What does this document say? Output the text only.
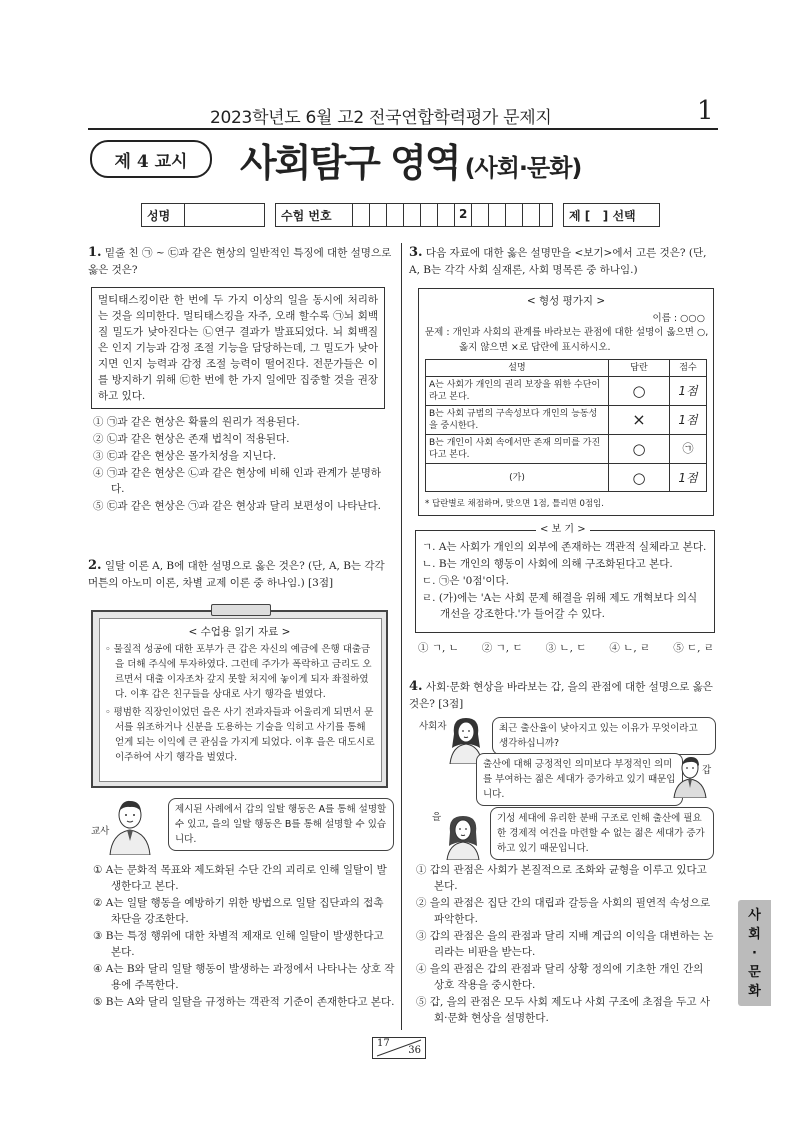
2023학년도 6월 고2 전국연합학력평가 문제지	1
제 4 교시 사회탐구 영역 (사회·문화)
성명	수험 번호	2	제 [   ] 선택
1. 밑줄 친 ㉠ ~ ㉢과 같은 현상의 일반적인 특징에 대한 설명으로 옳은 것은?
멀티태스킹이란 한 번에 두 가지 이상의 일을 동시에 처리하는 것을 의미한다. 멀티태스킹을 자주, 오래 할수록 ㉠뇌 회백질 밀도가 낮아진다는 ㉡연구 결과가 발표되었다. 뇌 회백질은 인지 기능과 감정 조절 기능을 담당하는데, 그 밀도가 낮아지면 인지 능력과 감정 조절 능력이 떨어진다. 전문가들은 이를 방지하기 위해 ㉢한 번에 한 가지 일에만 집중할 것을 권장하고 있다.

① ㉠과 같은 현상은 확률의 원리가 적용된다.

② ㉡과 같은 현상은 존재 법칙이 적용된다.

③ ㉢과 같은 현상은 몰가치성을 지닌다.

④ ㉠과 같은 현상은 ㉡과 같은 현상에 비해 인과 관계가 분명하다.

⑤ ㉢과 같은 현상은 ㉠과 같은 현상과 달리 보편성이 나타난다.

2. 일탈 이론 A, B에 대한 설명으로 옳은 것은? (단, A, B는 각각 머튼의 아노미 이론, 차별 교제 이론 중 하나임.) [3점]
< 수업용 읽기 자료 >

◦ 물질적 성공에 대한 포부가 큰 갑은 자신의 예금에 은행 대출금을 더해 주식에 투자하였다. 그런데 주가가 폭락하고 금리도 오르면서 대출 이자조차 갚지 못할 처지에 놓이게 되자 좌절하였다. 이후 갑은 친구들을 상대로 사기 행각을 벌였다.

◦ 평범한 직장인이었던 을은 사기 전과자들과 어울리게 되면서 문서를 위조하거나 신분을 도용하는 기술을 익히고 사기를 통해 얻게 되는 이익에 큰 관심을 가지게 되었다. 이후 을은 대도시로 이주하여 사기 행각을 벌였다.

교사
제시된 사례에서 갑의 일탈 행동은 A를 통해 설명할 수 있고, 을의 일탈 행동은 B를 통해 설명할 수 있습니다.

① A는 문화적 목표와 제도화된 수단 간의 괴리로 인해 일탈이 발생한다고 본다.

② A는 일탈 행동을 예방하기 위한 방법으로 일탈 집단과의 접촉 차단을 강조한다.

③ B는 특정 행위에 대한 차별적 제재로 인해 일탈이 발생한다고 본다.

④ A는 B와 달리 일탈 행동이 발생하는 과정에서 나타나는 상호 작용에 주목한다.

⑤ B는 A와 달리 일탈을 규정하는 객관적 기준이 존재한다고 본다.

3. 다음 자료에 대한 옳은 설명만을 <보기>에서 고른 것은? (단, A, B는 각각 사회 실재론, 사회 명목론 중 하나임.)
< 형성 평가지 >
이름 : ○○○
문제 : 개인과 사회의 관계를 바라보는 관점에 대한 설명이 옳으면 ○, 옳지 않으면 ×로 답란에 표시하시오.
설명	답란	점수
A는 사회가 개인의 권리 보장을 위한 수단이라고 본다.	○	1점
B는 사회 규범의 구속성보다 개인의 능동성을 중시한다.	×	1점
B는 개인이 사회 속에서만 존재 의미를 가진다고 본다.	○	㉠
(가)	○	1점
* 답란별로 채점하며, 맞으면 1점, 틀리면 0점임.
< 보 기 >

ㄱ. A는 사회가 개인의 외부에 존재하는 객관적 실체라고 본다.

ㄴ. B는 개인의 행동이 사회에 의해 구조화된다고 본다.

ㄷ. ㉠은 '0점'이다.

ㄹ. (가)에는 'A는 사회 문제 해결을 위해 제도 개혁보다 의식 개선을 강조한다.'가 들어갈 수 있다.

① ㄱ, ㄴ ② ㄱ, ㄷ ③ ㄴ, ㄷ ④ ㄴ, ㄹ ⑤ ㄷ, ㄹ
4. 사회·문화 현상을 바라보는 갑, 을의 관점에 대한 설명으로 옳은 것은? [3점]
사회자	최근 출산율이 낮아지고 있는 이유가 무엇이라고 생각하십니까?
출산에 대해 긍정적인 의미보다 부정적인 의미를 부여하는 젊은 세대가 증가하고 있기 때문입니다.
갑
을	기성 세대에 유리한 분배 구조로 인해 출산에 필요한 경제적 여건을 마련할 수 없는 젊은 세대가 증가하고 있기 때문입니다.

① 갑의 관점은 사회가 본질적으로 조화와 균형을 이루고 있다고 본다.

② 을의 관점은 집단 간의 대립과 갈등을 사회의 필연적 속성으로 파악한다.

③ 갑의 관점은 을의 관점과 달리 지배 계급의 이익을 대변하는 논리라는 비판을 받는다.

④ 을의 관점은 갑의 관점과 달리 상황 정의에 기초한 개인 간의 상호 작용을 중시한다.

⑤ 갑, 을의 관점은 모두 사회 제도나 사회 구조에 초점을 두고 사회·문화 현상을 설명한다.

사
회
·
문
화
17
36
